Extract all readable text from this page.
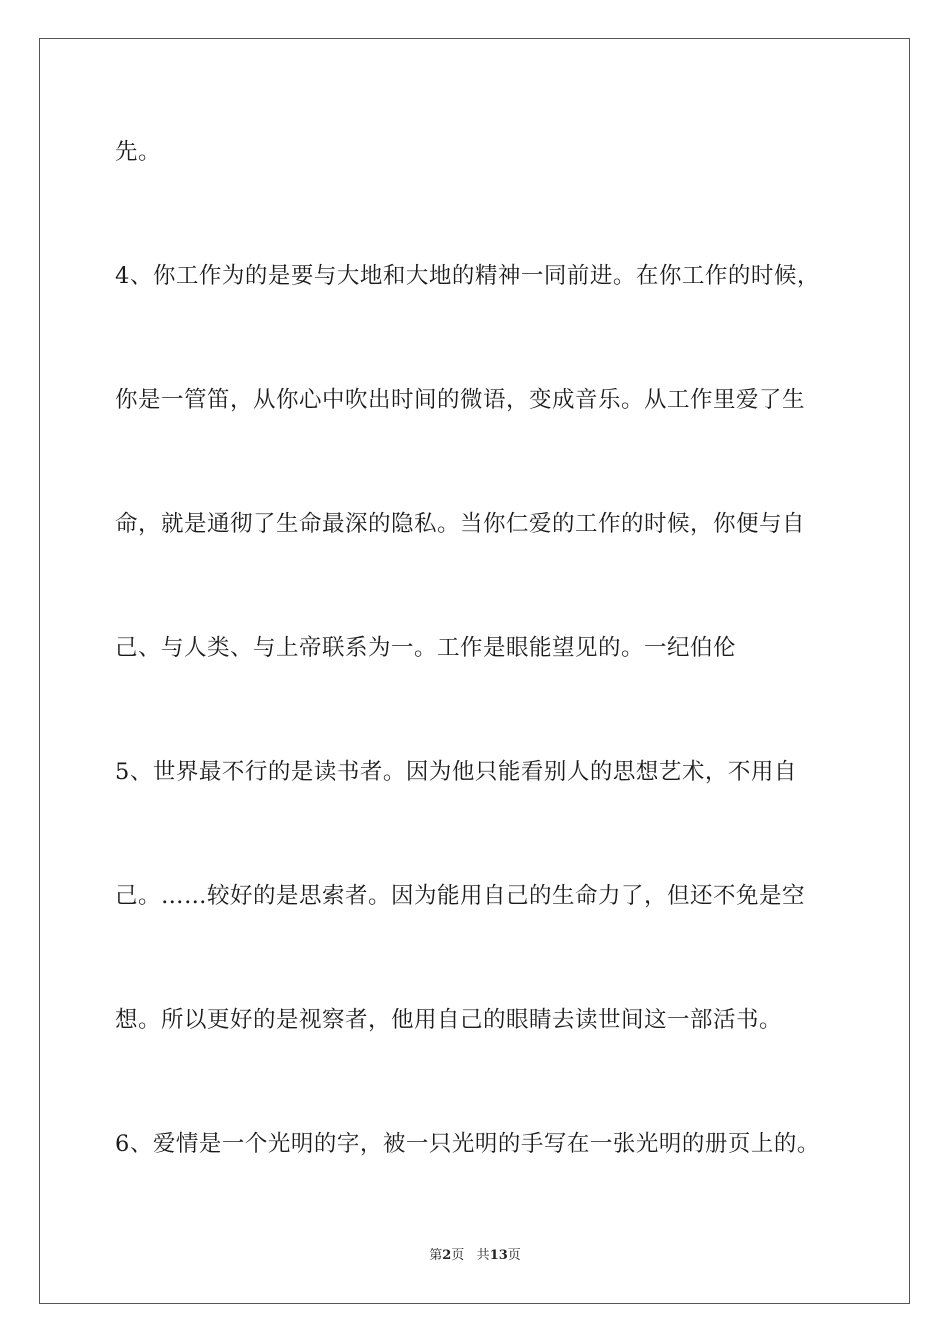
先。
4、你工作为的是要与大地和大地的精神一同前进。在你工作的时候，
你是一管笛，从你心中吹出时间的微语，变成音乐。从工作里爱了生
命，就是通彻了生命最深的隐私。当你仁爱的工作的时候，你便与自
己、与人类、与上帝联系为一。工作是眼能望见的。一纪伯伦
5、世界最不行的是读书者。因为他只能看别人的思想艺术，不用自
己。……较好的是思索者。因为能用自己的生命力了，但还不免是空
想。所以更好的是视察者，他用自己的眼睛去读世间这一部活书。
6、爱情是一个光明的字，被一只光明的手写在一张光明的册页上的。
第2页 共13页
